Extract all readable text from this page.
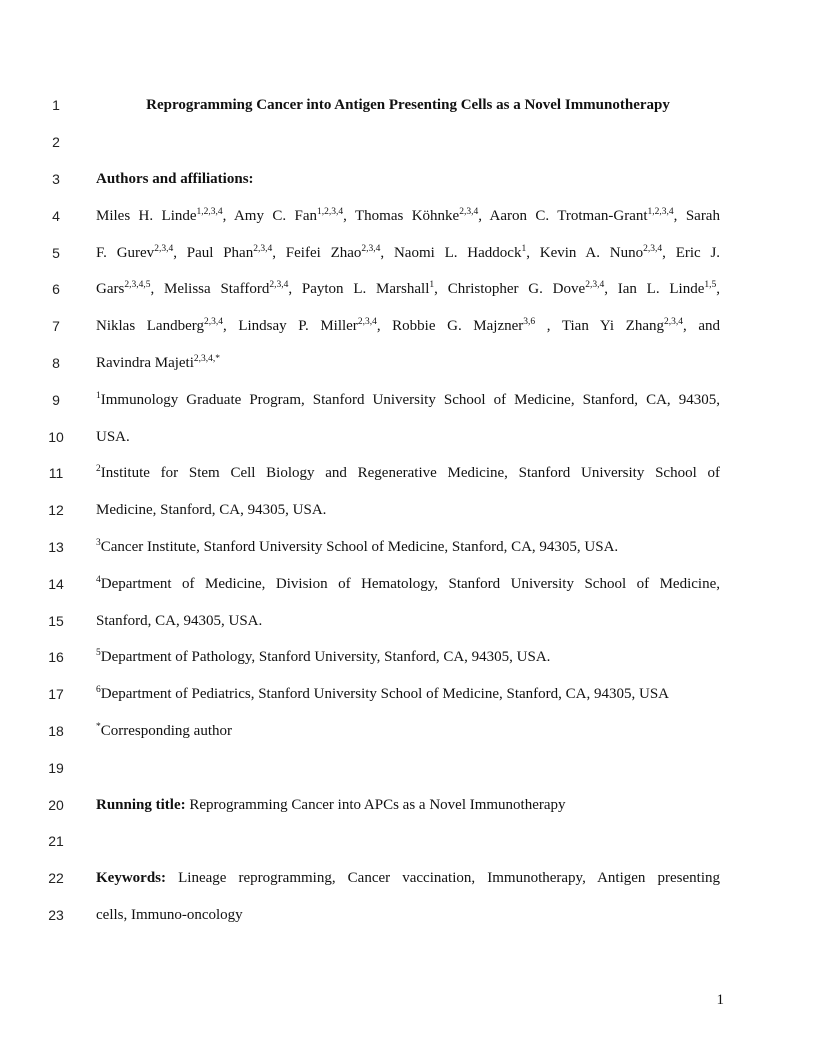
1
2
3
4
5
6
7
8
9
10
11
12
13
14
15
16
17
18
19
20
21
22
23
Reprogramming Cancer into Antigen Presenting Cells as a Novel Immunotherapy
Authors and affiliations:
Miles H. Linde$^{1,2,3,4}$, Amy C. Fan$^{1,2,3,4}$, Thomas Köhnke$^{2,3,4}$, Aaron C. Trotman-Grant$^{1,2,3,4}$, Sarah
F. Gurev$^{2,3,4}$, Paul Phan$^{2,3,4}$, Feifei Zhao$^{2,3,4}$, Naomi L. Haddock$^1$, Kevin A. Nuno$^{2,3,4}$, Eric J.
Gars$^{2,3,4,5}$, Melissa Stafford$^{2,3,4}$, Payton L. Marshall$^1$, Christopher G. Dove$^{2,3,4}$, Ian L. Linde$^{1,5}$,
Niklas Landberg$^{2,3,4}$, Lindsay P. Miller$^{2,3,4}$, Robbie G. Majzner$^{3,6}$ , Tian Yi Zhang$^{2,3,4}$, and
Ravindra Majeti$^{2,3,4,*}$
$^1$Immunology Graduate Program, Stanford University School of Medicine, Stanford, CA, 94305,
USA.
$^2$Institute for Stem Cell Biology and Regenerative Medicine, Stanford University School of
Medicine, Stanford, CA, 94305, USA.
$^3$Cancer Institute, Stanford University School of Medicine, Stanford, CA, 94305, USA.
$^4$Department of Medicine, Division of Hematology, Stanford University School of Medicine,
Stanford, CA, 94305, USA.
$^5$Department of Pathology, Stanford University, Stanford, CA, 94305, USA.
$^6$Department of Pediatrics, Stanford University School of Medicine, Stanford, CA, 94305, USA
*Corresponding author
Running title: Reprogramming Cancer into APCs as a Novel Immunotherapy
Keywords: Lineage reprogramming, Cancer vaccination, Immunotherapy, Antigen presenting
cells, Immuno-oncology
1
